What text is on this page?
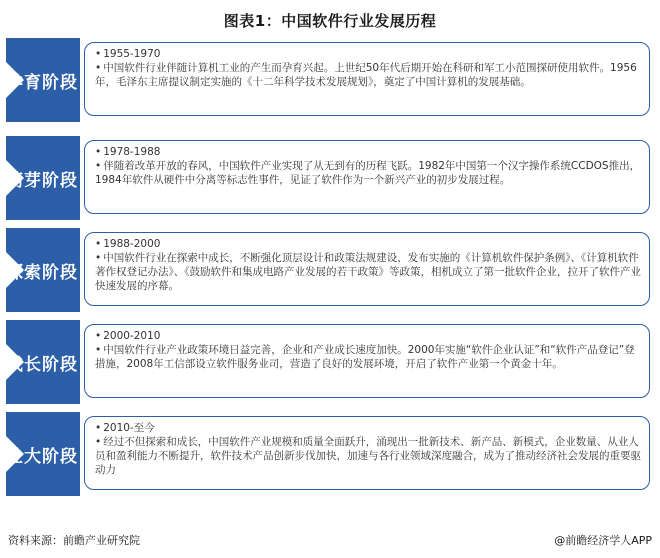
图表1：中国软件行业发展历程
孕育阶段
• 1955-1970
• 中国软件行业伴随计算机工业的产生而孕育兴起。上世纪50年代后期开始在科研和军工小范围探研使用软件。1956年，毛泽东主席提议制定实施的《十二年科学技术发展规划》，奠定了中国计算机的发展基础。
萌芽阶段
• 1978-1988
• 伴随着改革开放的春风，中国软件产业实现了从无到有的历程飞跃。1982年中国第一个汉字操作系统CCDOS推出，1984年软件从硬件中分离等标志性事件，见证了软件作为一个新兴产业的初步发展过程。
探索阶段
• 1988-2000
• 中国软件行业在探索中成长，不断强化顶层设计和政策法规建设，发布实施的《计算机软件保护条例》、《计算机软件著作权登记办法》、《鼓励软件和集成电路产业发展的若干政策》等政策，相机成立了第一批软件企业，拉开了软件产业快速发展的序幕。
成长阶段
• 2000-2010
• 中国软件行业产业政策环境日益完善，企业和产业成长速度加快。2000年实施“软件企业认证”和“软件产品登记”登措施，2008年工信部设立软件服务业司，营造了良好的发展环境，开启了软件产业第一个黄金十年。
壮大阶段
• 2010-至今
• 经过不但探索和成长，中国软件产业规模和质量全面跃升，涌现出一批新技术、新产品、新模式，企业数量、从业人员和盈利能力不断提升，软件技术产品创新步伐加快，加速与各行业领域深度融合，成为了推动经济社会发展的重要驱动力
资料来源：前瞻产业研究院	@前瞻经济学人APP
